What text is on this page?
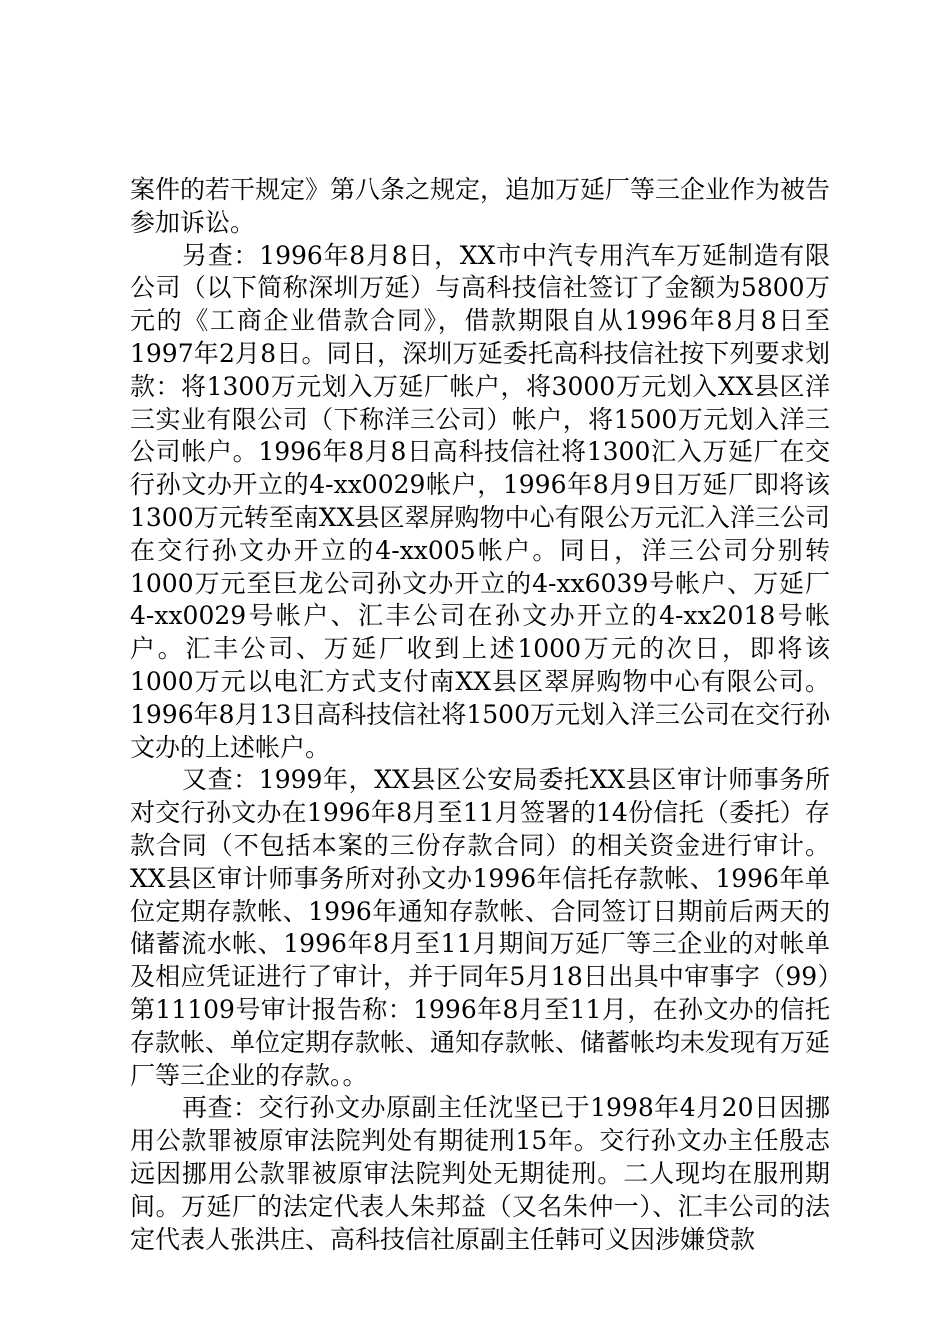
案件的若干规定》第八条之规定，追加万延厂等三企业作为被告参加诉讼。

另查：1996年8月8日，XX市中汽专用汽车万延制造有限公司（以下简称深圳万延）与高科技信社签订了金额为5800万元的《工商企业借款合同》，借款期限自从1996年8月8日至1997年2月8日。同日，深圳万延委托高科技信社按下列要求划款：将1300万元划入万延厂帐户，将3000万元划入XX县区洋三实业有限公司（下称洋三公司）帐户，将1500万元划入洋三公司帐户。1996年8月8日高科技信社将1300汇入万延厂在交行孙文办开立的4-xx0029帐户，1996年8月9日万延厂即将该1300万元转至南XX县区翠屏购物中心有限公万元汇入洋三公司在交行孙文办开立的4-xx005帐户。同日，洋三公司分别转1000万元至巨龙公司孙文办开立的4-xx6039号帐户、万延厂4-xx0029号帐户、汇丰公司在孙文办开立的4-xx2018号帐户。汇丰公司、万延厂收到上述1000万元的次日，即将该1000万元以电汇方式支付南XX县区翠屏购物中心有限公司。1996年8月13日高科技信社将1500万元划入洋三公司在交行孙文办的上述帐户。

又查：1999年，XX县区公安局委托XX县区审计师事务所对交行孙文办在1996年8月至11月签署的14份信托（委托）存款合同（不包括本案的三份存款合同）的相关资金进行审计。XX县区审计师事务所对孙文办1996年信托存款帐、1996年单位定期存款帐、1996年通知存款帐、合同签订日期前后两天的储蓄流水帐、1996年8月至11月期间万延厂等三企业的对帐单及相应凭证进行了审计，并于同年5月18日出具中审事字（99）第11109号审计报告称：1996年8月至11月，在孙文办的信托存款帐、单位定期存款帐、通知存款帐、储蓄帐均未发现有万延厂等三企业的存款。。

再查：交行孙文办原副主任沈坚已于1998年4月20日因挪用公款罪被原审法院判处有期徒刑15年。交行孙文办主任殷志远因挪用公款罪被原审法院判处无期徒刑。二人现均在服刑期间。万延厂的法定代表人朱邦益（又名朱仲一）、汇丰公司的法定代表人张洪庄、高科技信社原副主任韩可义因涉嫌贷款
